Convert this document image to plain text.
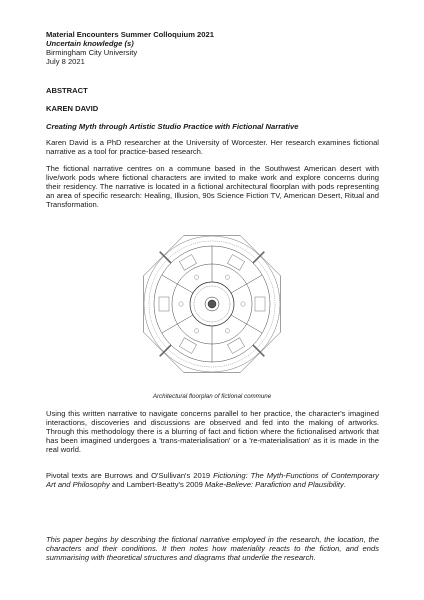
Material Encounters Summer Colloquium 2021
Uncertain knowledge (s)
Birmingham City University
July 8 2021

ABSTRACT

KAREN DAVID

Creating Myth through Artistic Studio Practice with Fictional Narrative

Karen David is a PhD researcher at the University of Worcester. Her research examines fictional narrative as a tool for practice-based research.

The fictional narrative centres on a commune based in the Southwest American desert with live/work pods where fictional characters are invited to make work and explore concerns during their residency. The narrative is located in a fictional architectural floorplan with pods representing an area of specific research: Healing, Illusion, 90s Science Fiction TV, American Desert, Ritual and Transformation.

Architectural floorplan of fictional commune

Using this written narrative to navigate concerns parallel to her practice, the character's imagined interactions, discoveries and discussions are observed and fed into the making of artworks. Through this methodology there is a blurring of fact and fiction where the fictionalised artwork that has been imagined undergoes a 'trans-materialisation' or a 're-materialisation' as it is made in the real world.

Pivotal texts are Burrows and O'Sullivan's 2019 Fictioning: The Myth-Functions of Contemporary Art and Philosophy and Lambert-Beatty's 2009 Make-Believe: Parafiction and Plausibility.

This paper begins by describing the fictional narrative employed in the research, the location, the characters and their conditions. It then notes how materiality reacts to the fiction, and ends summarising with theoretical structures and diagrams that underlie the research.
